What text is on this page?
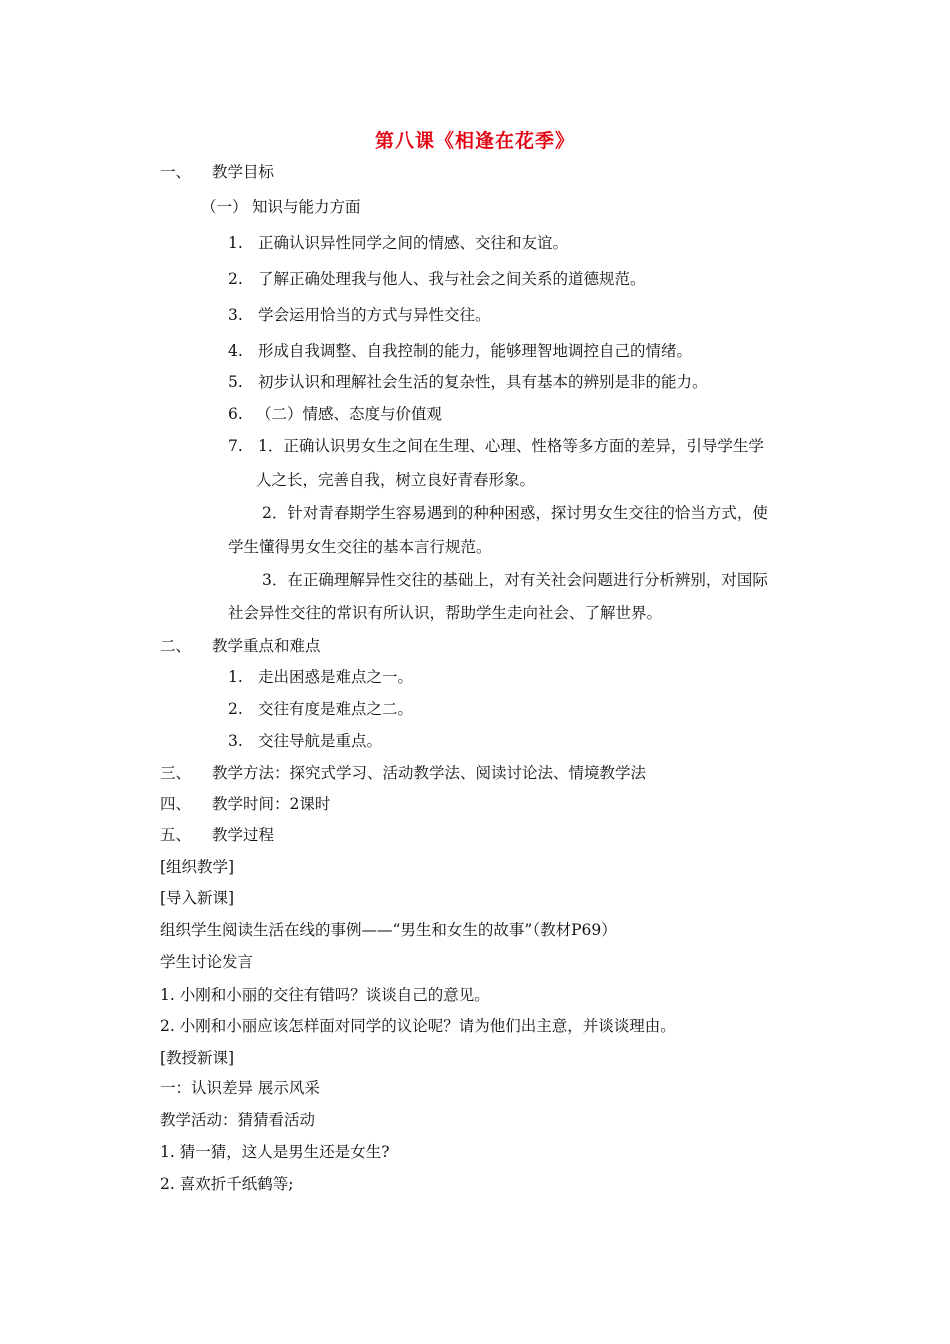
第八课《相逢在花季》
一、 教学目标
（一） 知识与能力方面
1. 正确认识异性同学之间的情感、交往和友谊。
2. 了解正确处理我与他人、我与社会之间关系的道德规范。
3. 学会运用恰当的方式与异性交往。
4. 形成自我调整、自我控制的能力，能够理智地调控自己的情绪。
5. 初步认识和理解社会生活的复杂性，具有基本的辨别是非的能力。
6. （二）情感、态度与价值观
7. 1．正确认识男女生之间在生理、心理、性格等多方面的差异，引导学生学
人之长，完善自我，树立良好青春形象。
2．针对青春期学生容易遇到的种种困惑，探讨男女生交往的恰当方式，使
学生懂得男女生交往的基本言行规范。
3．在正确理解异性交往的基础上，对有关社会问题进行分析辨别，对国际
社会异性交往的常识有所认识，帮助学生走向社会、了解世界。
二、 教学重点和难点
1. 走出困惑是难点之一。
2. 交往有度是难点之二。
3. 交往导航是重点。
三、 教学方法：探究式学习、活动教学法、阅读讨论法、情境教学法
四、 教学时间：2课时
五、 教学过程
[组织教学]
[导入新课]
组织学生阅读生活在线的事例——“男生和女生的故事”（教材P69）
学生讨论发言
1. 小刚和小丽的交往有错吗？谈谈自己的意见。
2. 小刚和小丽应该怎样面对同学的议论呢？请为他们出主意，并谈谈理由。
[教授新课]
一：认识差异 展示风采
教学活动：猜猜看活动
1. 猜一猜，这人是男生还是女生?
2. 喜欢折千纸鹤等;
